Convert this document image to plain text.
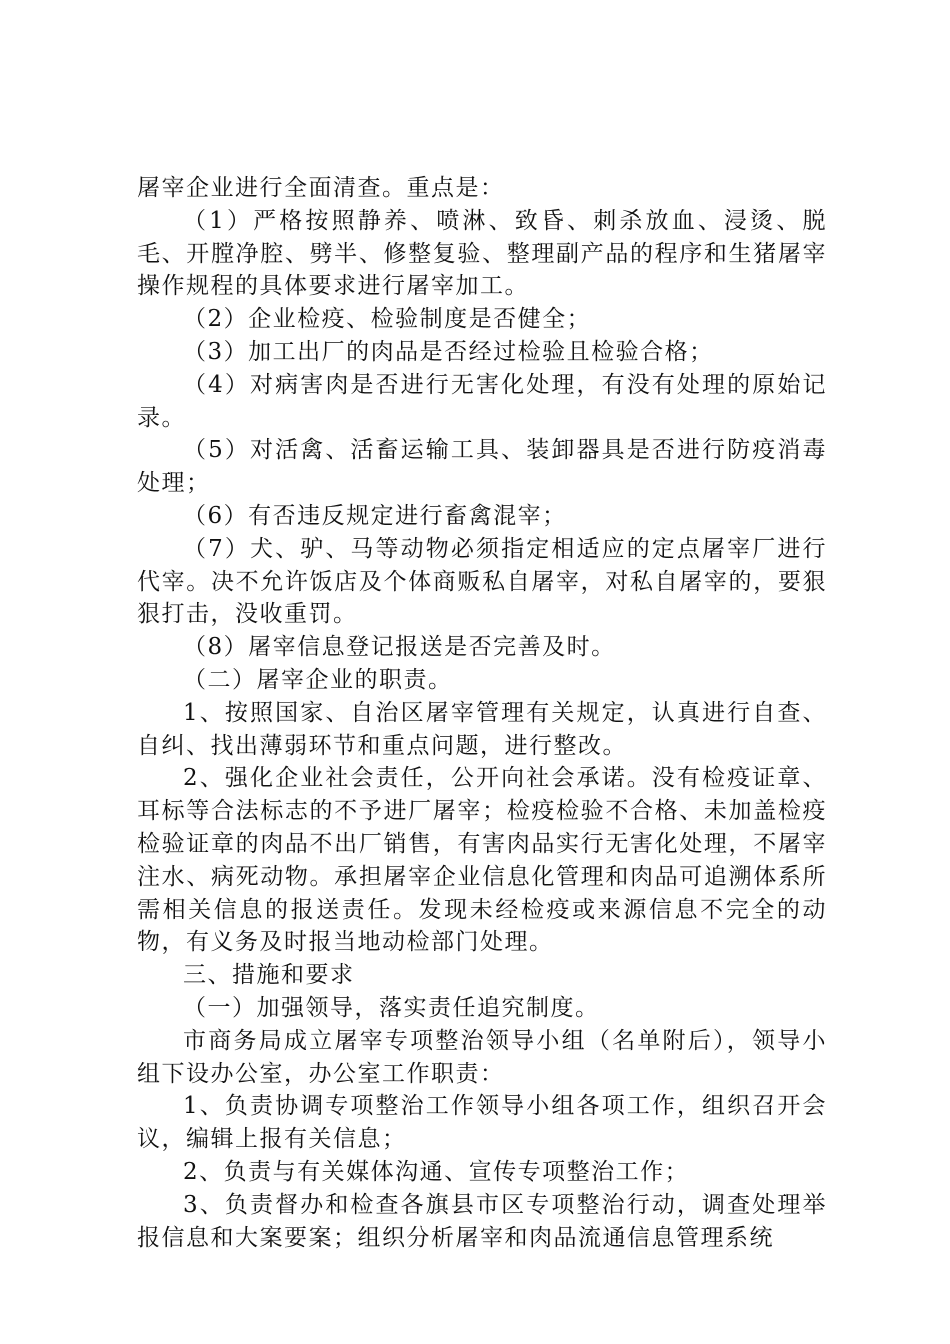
屠宰企业进行全面清查。重点是：

（1）严格按照静养、喷淋、致昏、刺杀放血、浸烫、脱毛、开膛净腔、劈半、修整复验、整理副产品的程序和生猪屠宰操作规程的具体要求进行屠宰加工。

（2）企业检疫、检验制度是否健全；

（3）加工出厂的肉品是否经过检验且检验合格；

（4）对病害肉是否进行无害化处理，有没有处理的原始记录。

（5）对活禽、活畜运输工具、装卸器具是否进行防疫消毒处理；

（6）有否违反规定进行畜禽混宰；

（7）犬、驴、马等动物必须指定相适应的定点屠宰厂进行代宰。决不允许饭店及个体商贩私自屠宰，对私自屠宰的，要狠狠打击，没收重罚。

（8）屠宰信息登记报送是否完善及时。

（二）屠宰企业的职责。

1、按照国家、自治区屠宰管理有关规定，认真进行自查、自纠、找出薄弱环节和重点问题，进行整改。

2、强化企业社会责任，公开向社会承诺。没有检疫证章、耳标等合法标志的不予进厂屠宰；检疫检验不合格、未加盖检疫检验证章的肉品不出厂销售，有害肉品实行无害化处理，不屠宰注水、病死动物。承担屠宰企业信息化管理和肉品可追溯体系所需相关信息的报送责任。发现未经检疫或来源信息不完全的动物，有义务及时报当地动检部门处理。

三、措施和要求

（一）加强领导，落实责任追究制度。

市商务局成立屠宰专项整治领导小组（名单附后），领导小组下设办公室，办公室工作职责：

1、负责协调专项整治工作领导小组各项工作，组织召开会议，编辑上报有关信息；

2、负责与有关媒体沟通、宣传专项整治工作；

3、负责督办和检查各旗县市区专项整治行动，调查处理举报信息和大案要案；组织分析屠宰和肉品流通信息管理系统
